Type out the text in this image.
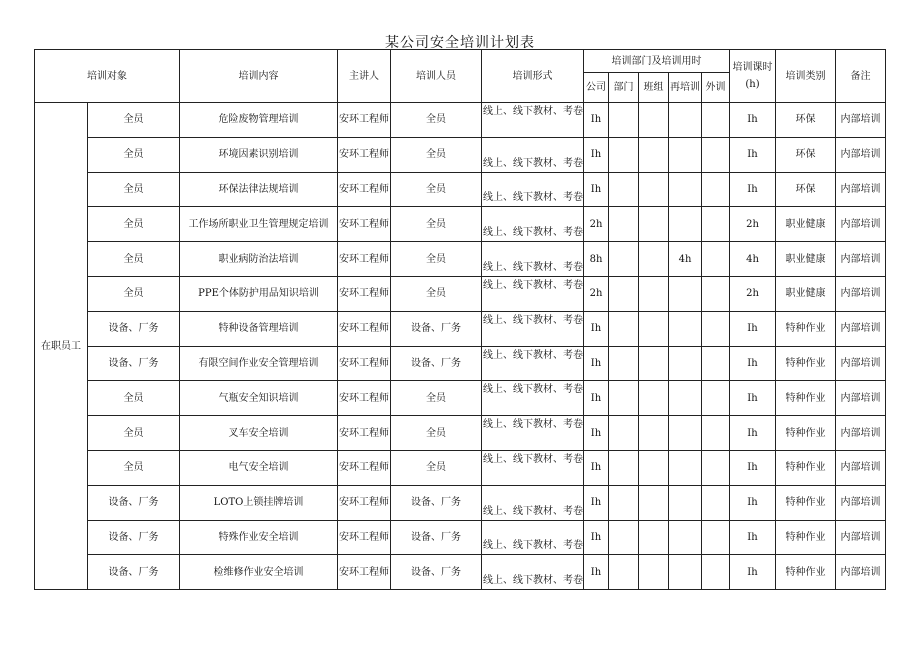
某公司安全培训计划表
培训对象		培训内容	主讲人	培训人员	培训形式	培训部门及培训用时					培训课时(h)	培训类别	备注
						公司	部门	班组	再培训	外训			
在职员工	全员	危险废物管理培训	安环工程师	全员	线上、线下教材、考卷	Ih					Ih	环保	内部培训
	全员	环境因素识别培训	安环工程师	全员	线上、线下教材、考卷	Ih					Ih	环保	内部培训
	全员	环保法律法规培训	安环工程师	全员	线上、线下教材、考卷	Ih					Ih	环保	内部培训
	全员	工作场所职业卫生管理规定培训	安环工程师	全员	线上、线下教材、考卷	2h					2h	职业健康	内部培训
	全员	职业病防治法培训	安环工程师	全员	线上、线下教材、考卷	8h			4h		4h	职业健康	内部培训
	全员	PPE个体防护用品知识培训	安环工程师	全员	线上、线下教材、考卷	2h					2h	职业健康	内部培训
	设备、厂务	特种设备管理培训	安环工程师	设备、厂务	线上、线下教材、考卷	Ih					Ih	特种作业	内部培训
	设备、厂务	有限空间作业安全管理培训	安环工程师	设备、厂务	线上、线下教材、考卷	Ih					Ih	特种作业	内部培训
	全员	气瓶安全知识培训	安环工程师	全员	线上、线下教材、考卷	Ih					Ih	特种作业	内部培训
	全员	叉车安全培训	安环工程师	全员	线上、线下教材、考卷	Ih					Ih	特种作业	内部培训
	全员	电气安全培训	安环工程师	全员	线上、线下教材、考卷	Ih					Ih	特种作业	内部培训
	设备、厂务	LOTO上锁挂牌培训	安环工程师	设备、厂务	线上、线下教材、考卷	Ih					Ih	特种作业	内部培训
	设备、厂务	特殊作业安全培训	安环工程师	设备、厂务	线上、线下教材、考卷	Ih					Ih	特种作业	内部培训
	设备、厂务	检维修作业安全培训	安环工程师	设备、厂务	线上、线下教材、考卷	Ih					Ih	特种作业	内部培训
